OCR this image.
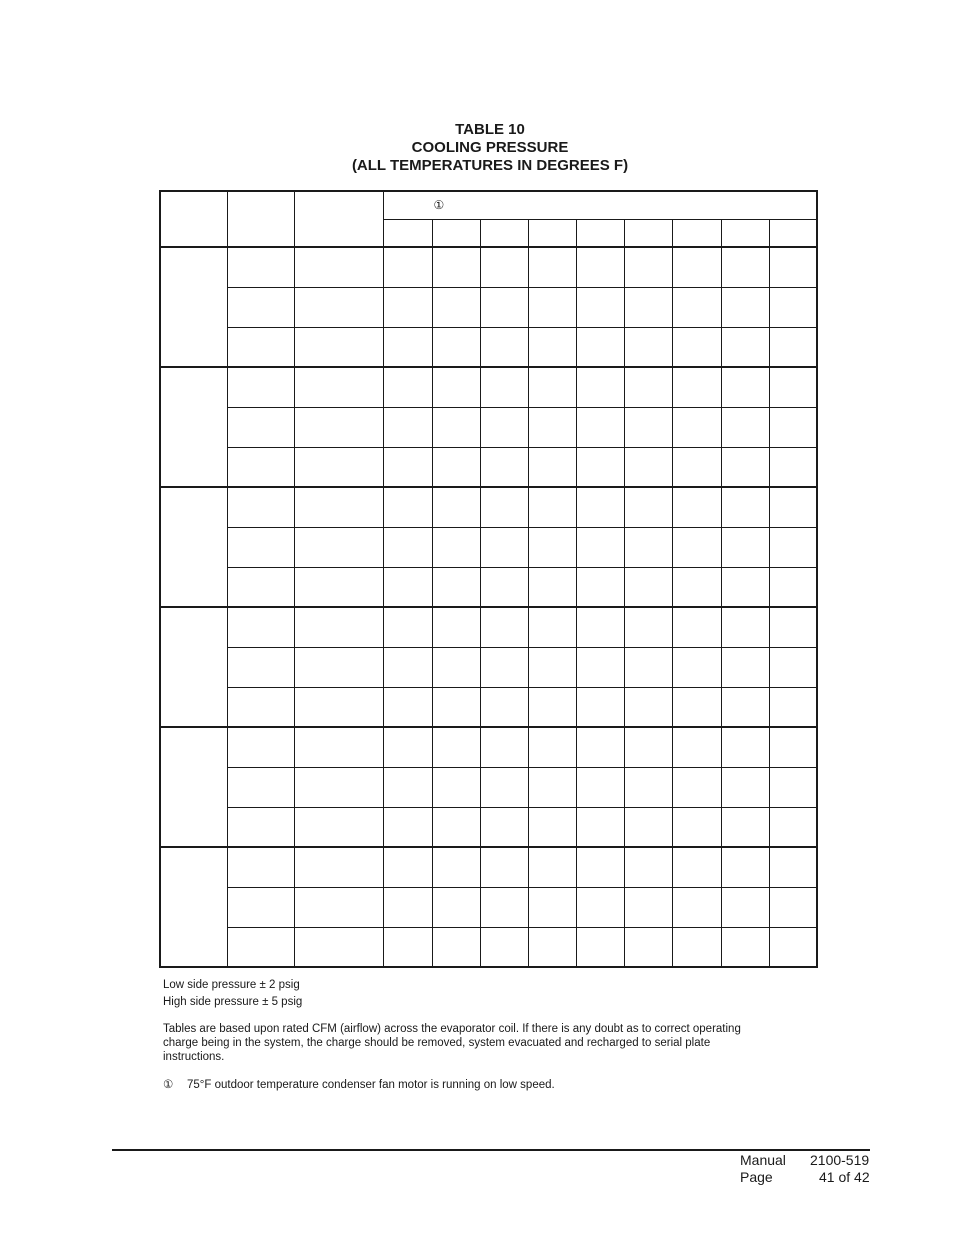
TABLE 10
COOLING PRESSURE
(ALL TEMPERATURES IN DEGREES F)
			①								

Low side pressure ± 2 psig
High side pressure ± 5 psig
Tables are based upon rated CFM (airflow) across the evaporator coil. If there is any doubt as to correct operating charge being in the system, the charge should be removed, system evacuated and recharged to serial plate instructions.
① 75°F outdoor temperature condenser fan motor is running on low speed.
Manual 2100-519
Page	41 of 42
